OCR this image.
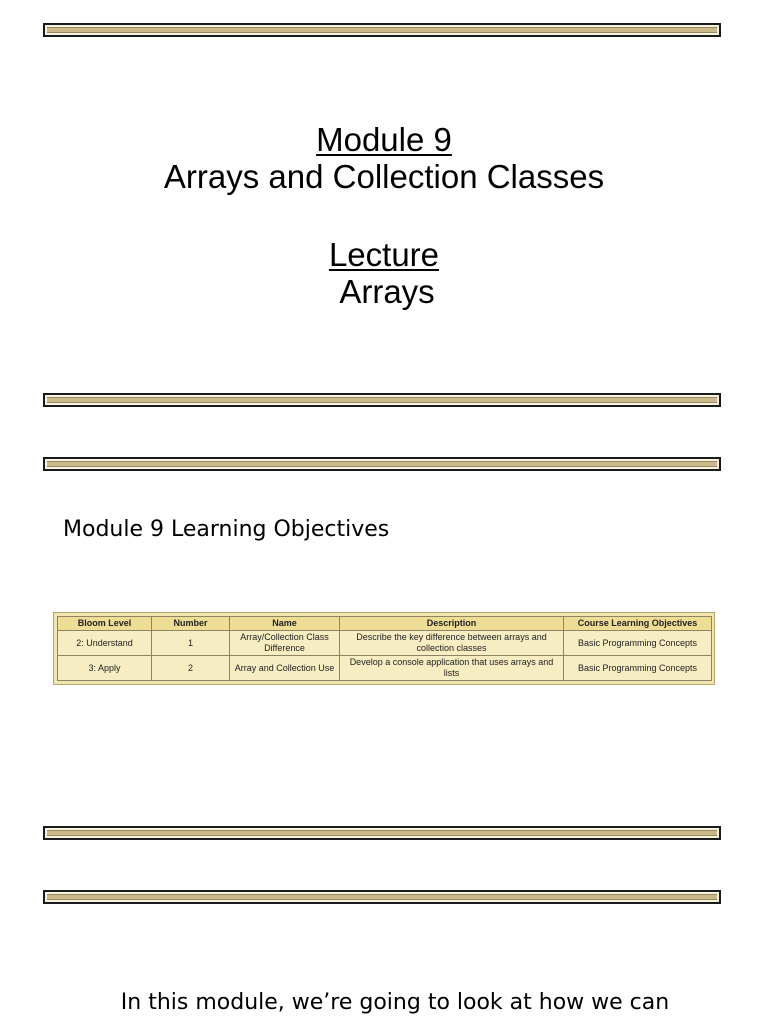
Module 9
Arrays and Collection Classes
Lecture
Arrays
Module 9 Learning Objectives
Bloom Level	Number	Name	Description	Course Learning Objectives
2: Understand	1	Array/Collection Class Difference	Describe the key difference between arrays and collection classes	Basic Programming Concepts
3: Apply	2	Array and Collection Use	Develop a console application that uses arrays and lists	Basic Programming Concepts
In this module, we’re going to look at how we can
